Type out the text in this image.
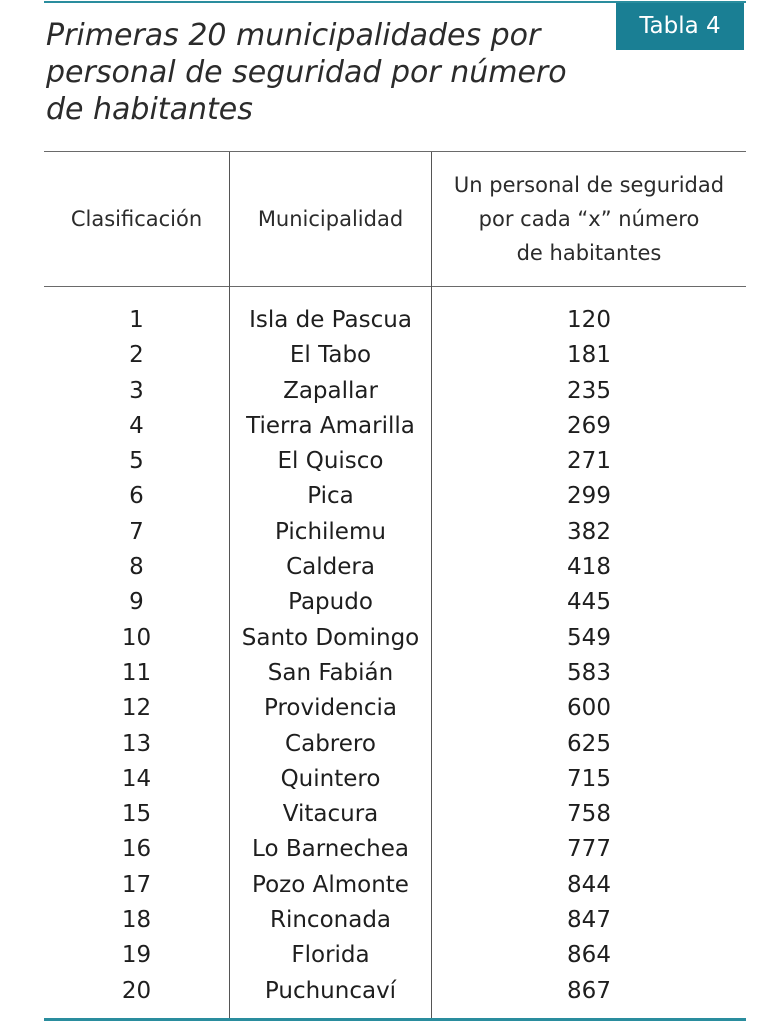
Tabla 4
Primeras 20 municipalidades por personal de seguridad por número de habitantes
Clasificación	Municipalidad
Un personal de seguridad
por cada “x” número
de habitantes
1	Isla de Pascua	120
2	El Tabo	181
3	Zapallar	235
4	Tierra Amarilla	269
5	El Quisco	271
6	Pica	299
7	Pichilemu	382
8	Caldera	418
9	Papudo	445
10	Santo Domingo	549
11	San Fabián	583
12	Providencia	600
13	Cabrero	625
14	Quintero	715
15	Vitacura	758
16	Lo Barnechea	777
17	Pozo Almonte	844
18	Rinconada	847
19	Florida	864
20	Puchuncaví	867
